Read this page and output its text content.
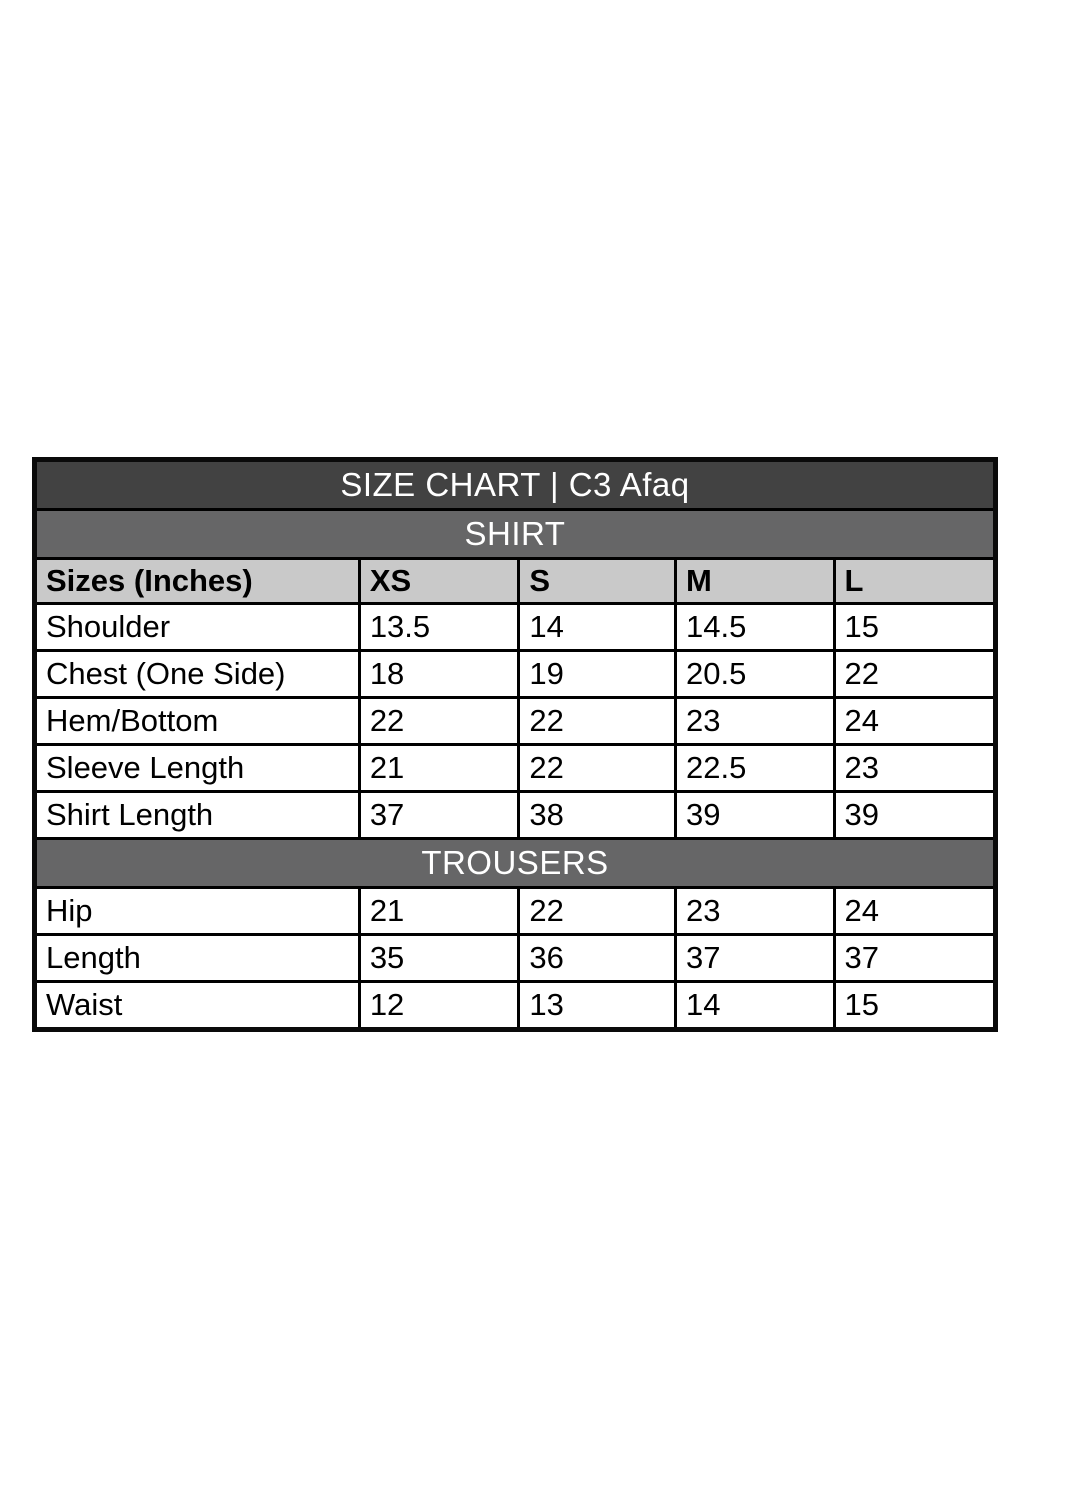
SIZE CHART | C3 Afaq				
SHIRT				
Sizes (Inches)	XS	S	M	L
Shoulder	13.5	14	14.5	15
Chest (One Side)	18	19	20.5	22
Hem/Bottom	22	22	23	24
Sleeve Length	21	22	22.5	23
Shirt Length	37	38	39	39
TROUSERS				
Hip	21	22	23	24
Length	35	36	37	37
Waist	12	13	14	15
